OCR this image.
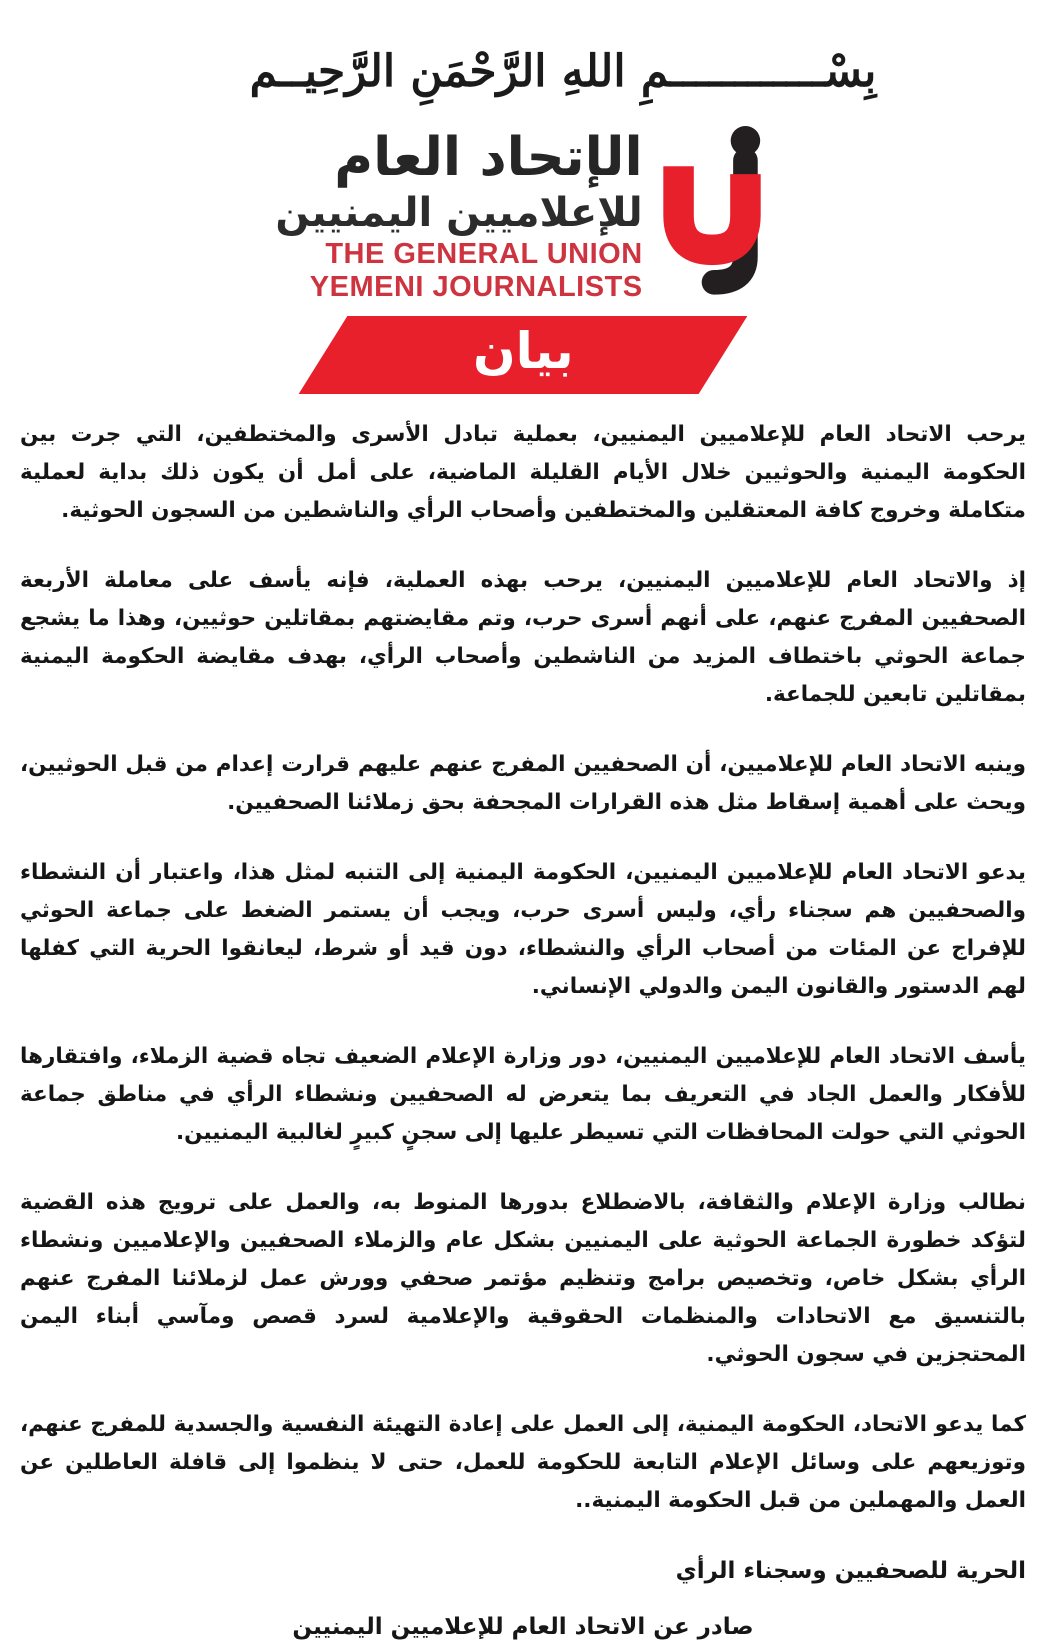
بِسْــــــــــــمِ اللهِ الرَّحْمَنِ الرَّحِيــم
الإتحاد العام
للإعلاميين اليمنيين
THE GENERAL UNION
YEMENI JOURNALISTS
بيان

يرحب الاتحاد العام للإعلاميين اليمنيين، بعملية تبادل الأسرى والمختطفين، التي جرت بين الحكومة اليمنية والحوثيين خلال الأيام القليلة الماضية، على أمل أن يكون ذلك بداية لعملية متكاملة وخروج كافة المعتقلين والمختطفين وأصحاب الرأي والناشطين من السجون الحوثية.

إذ والاتحاد العام للإعلاميين اليمنيين، يرحب بهذه العملية، فإنه يأسف على معاملة الأربعة الصحفيين المفرج عنهم، على أنهم أسرى حرب، وتم مقايضتهم بمقاتلين حوثيين، وهذا ما يشجع جماعة الحوثي باختطاف المزيد من الناشطين وأصحاب الرأي، بهدف مقايضة الحكومة اليمنية بمقاتلين تابعين للجماعة.

وينبه الاتحاد العام للإعلاميين، أن الصحفيين المفرج عنهم عليهم قرارت إعدام من قبل الحوثيين، ويحث على أهمية إسقاط مثل هذه القرارات المجحفة بحق زملائنا الصحفيين.

يدعو الاتحاد العام للإعلاميين اليمنيين، الحكومة اليمنية إلى التنبه لمثل هذا، واعتبار أن النشطاء والصحفيين هم سجناء رأي، وليس أسرى حرب، ويجب أن يستمر الضغط على جماعة الحوثي للإفراج عن المئات من أصحاب الرأي والنشطاء، دون قيد أو شرط، ليعانقوا الحرية التي كفلها لهم الدستور والقانون اليمن والدولي الإنساني.

يأسف الاتحاد العام للإعلاميين اليمنيين، دور وزارة الإعلام الضعيف تجاه قضية الزملاء، وافتقارها للأفكار والعمل الجاد في التعريف بما يتعرض له الصحفيين ونشطاء الرأي في مناطق جماعة الحوثي التي حولت المحافظات التي تسيطر عليها إلى سجنٍ كبيرٍ لغالبية اليمنيين.

نطالب وزارة الإعلام والثقافة، بالاضطلاع بدورها المنوط به، والعمل على ترويج هذه القضية لتؤكد خطورة الجماعة الحوثية على اليمنيين بشكل عام والزملاء الصحفيين والإعلاميين ونشطاء الرأي بشكل خاص، وتخصيص برامج وتنظيم مؤتمر صحفي وورش عمل لزملائنا المفرج عنهم بالتنسيق مع الاتحادات والمنظمات الحقوقية والإعلامية لسرد قصص ومآسي أبناء اليمن المحتجزين في سجون الحوثي.

كما يدعو الاتحاد، الحكومة اليمنية، إلى العمل على إعادة التهيئة النفسية والجسدية للمفرج عنهم، وتوزيعهم على وسائل الإعلام التابعة للحكومة للعمل، حتى لا ينظموا إلى قافلة العاطلين عن العمل والمهملين من قبل الحكومة اليمنية..

الحرية للصحفيين وسجناء الرأي
صادر عن الاتحاد العام للإعلاميين اليمنيين
